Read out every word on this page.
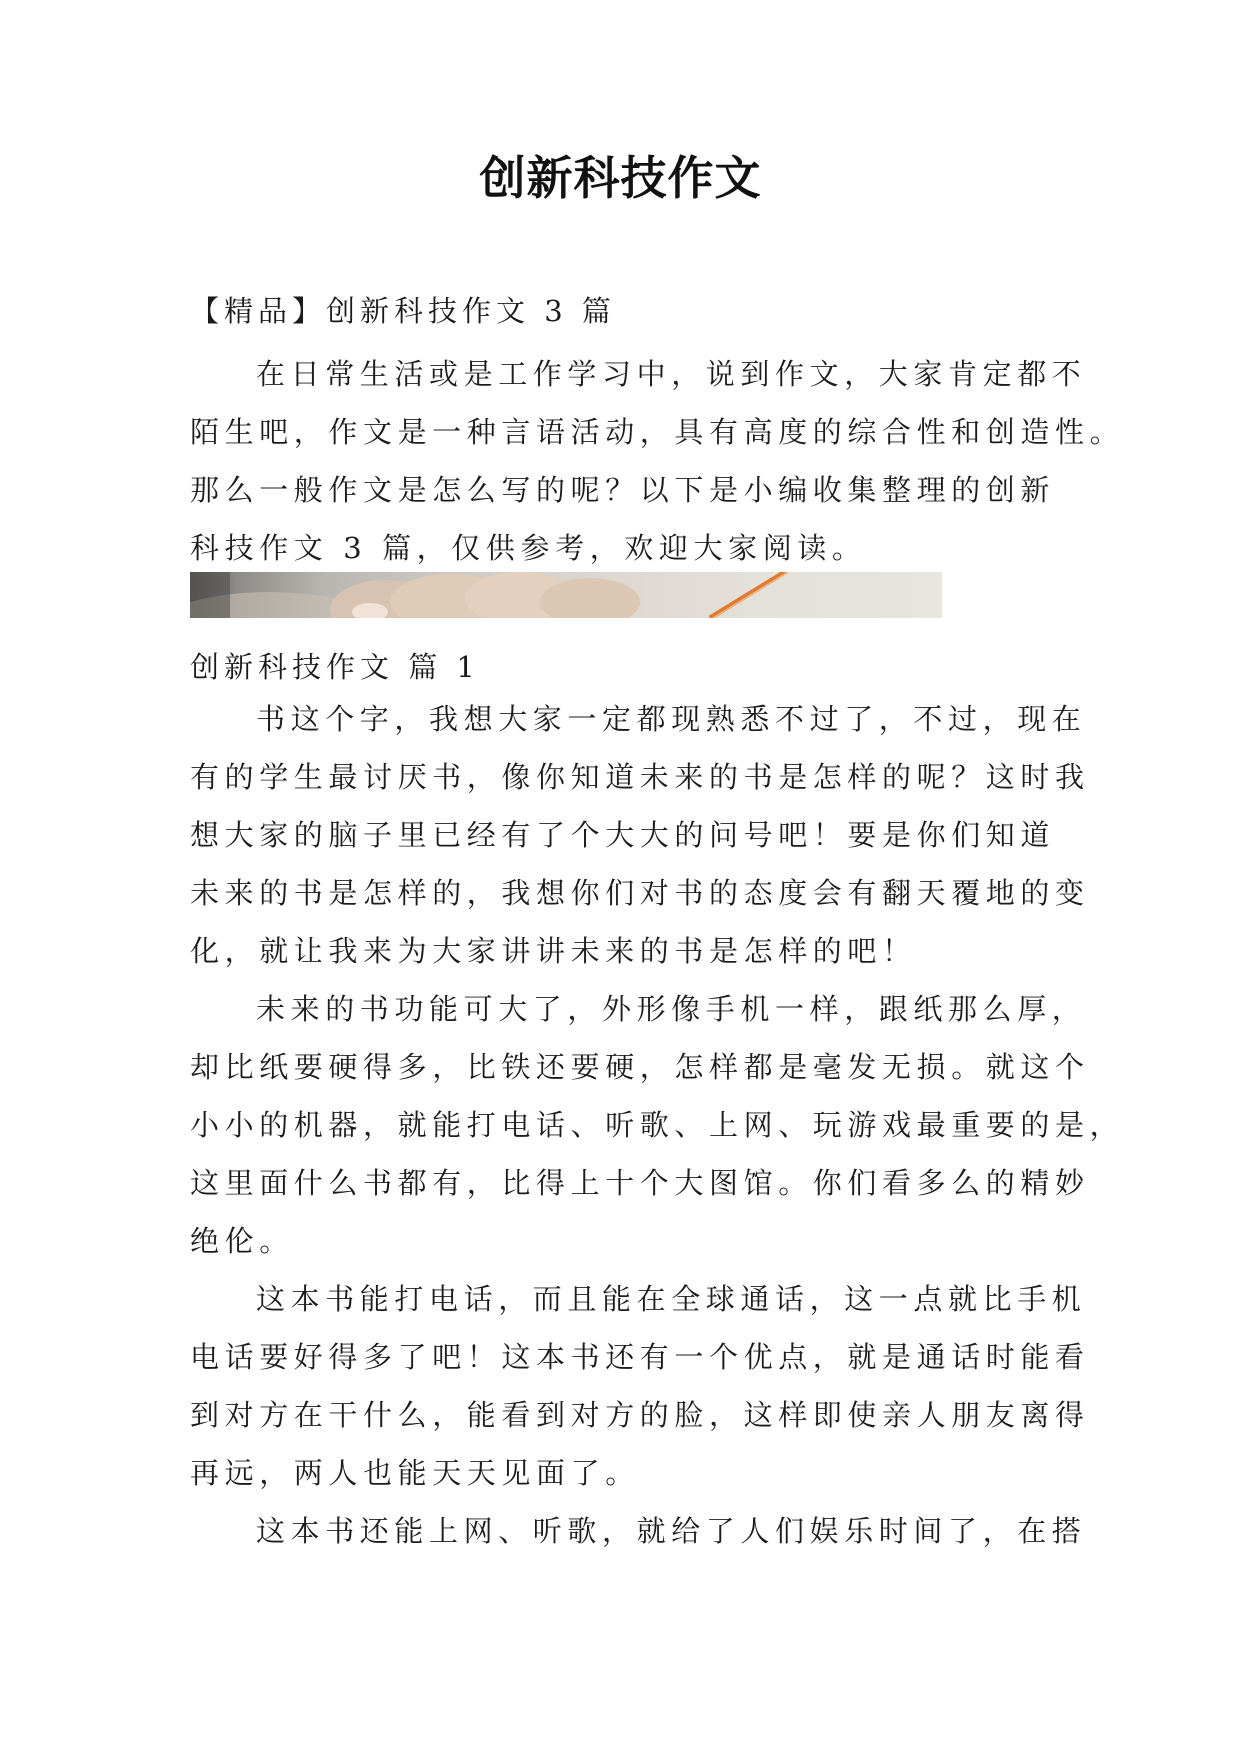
创新科技作文
【精品】创新科技作文 3 篇
在日常生活或是工作学习中，说到作文，大家肯定都不
陌生吧，作文是一种言语活动，具有高度的综合性和创造性。
那么一般作文是怎么写的呢？以下是小编收集整理的创新
科技作文 3 篇，仅供参考，欢迎大家阅读。
创新科技作文 篇 1
书这个字，我想大家一定都现熟悉不过了，不过，现在
有的学生最讨厌书，像你知道未来的书是怎样的呢？这时我
想大家的脑子里已经有了个大大的问号吧！要是你们知道
未来的书是怎样的，我想你们对书的态度会有翻天覆地的变
化，就让我来为大家讲讲未来的书是怎样的吧！
未来的书功能可大了，外形像手机一样，跟纸那么厚，
却比纸要硬得多，比铁还要硬，怎样都是毫发无损。就这个
小小的机器，就能打电话、听歌、上网、玩游戏最重要的是，
这里面什么书都有，比得上十个大图馆。你们看多么的精妙
绝伦。
这本书能打电话，而且能在全球通话，这一点就比手机
电话要好得多了吧！这本书还有一个优点，就是通话时能看
到对方在干什么，能看到对方的脸，这样即使亲人朋友离得
再远，两人也能天天见面了。
这本书还能上网、听歌，就给了人们娱乐时间了，在搭
